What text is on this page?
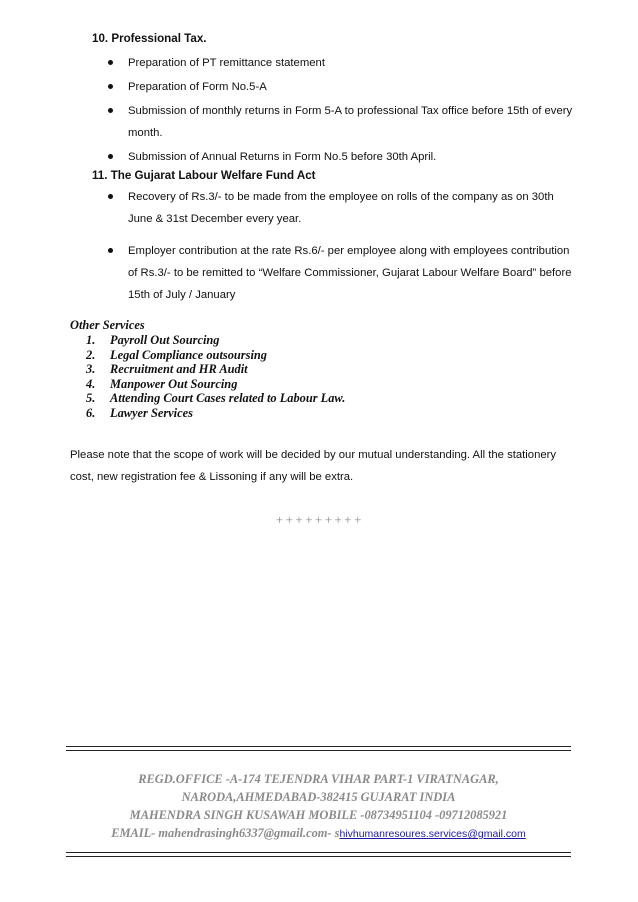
10. Professional Tax.
Preparation of PT remittance statement
Preparation of Form No.5-A
Submission of monthly returns in Form 5-A to professional Tax office before 15th of every month.
Submission of Annual Returns in Form No.5 before 30th April.
11. The Gujarat Labour Welfare Fund Act
Recovery of Rs.3/- to be made from the employee on rolls of the company as on 30th June & 31st December every year.
Employer contribution at the rate Rs.6/- per employee along with employees contribution of Rs.3/- to be remitted to “Welfare Commissioner, Gujarat Labour Welfare Board” before 15th of July / January
Other Services
1. Payroll Out Sourcing
2. Legal Compliance outsoursing
3. Recruitment and HR Audit
4. Manpower Out Sourcing
5. Attending Court Cases related to Labour Law.
6. Lawyer Services

Please note that the scope of work will be decided by our mutual understanding. All the stationery cost, new registration fee & Lissoning if any will be extra.

+++++++++
REGD.OFFICE -A-174 TEJENDRA VIHAR PART-1 VIRATNAGAR,
NARODA,AHMEDABAD-382415 GUJARAT INDIA
MAHENDRA SINGH KUSAWAH MOBILE -08734951104 -09712085921
EMAIL- mahendrasingh6337@gmail.com- shivhumanresoures.services@gmail.com
